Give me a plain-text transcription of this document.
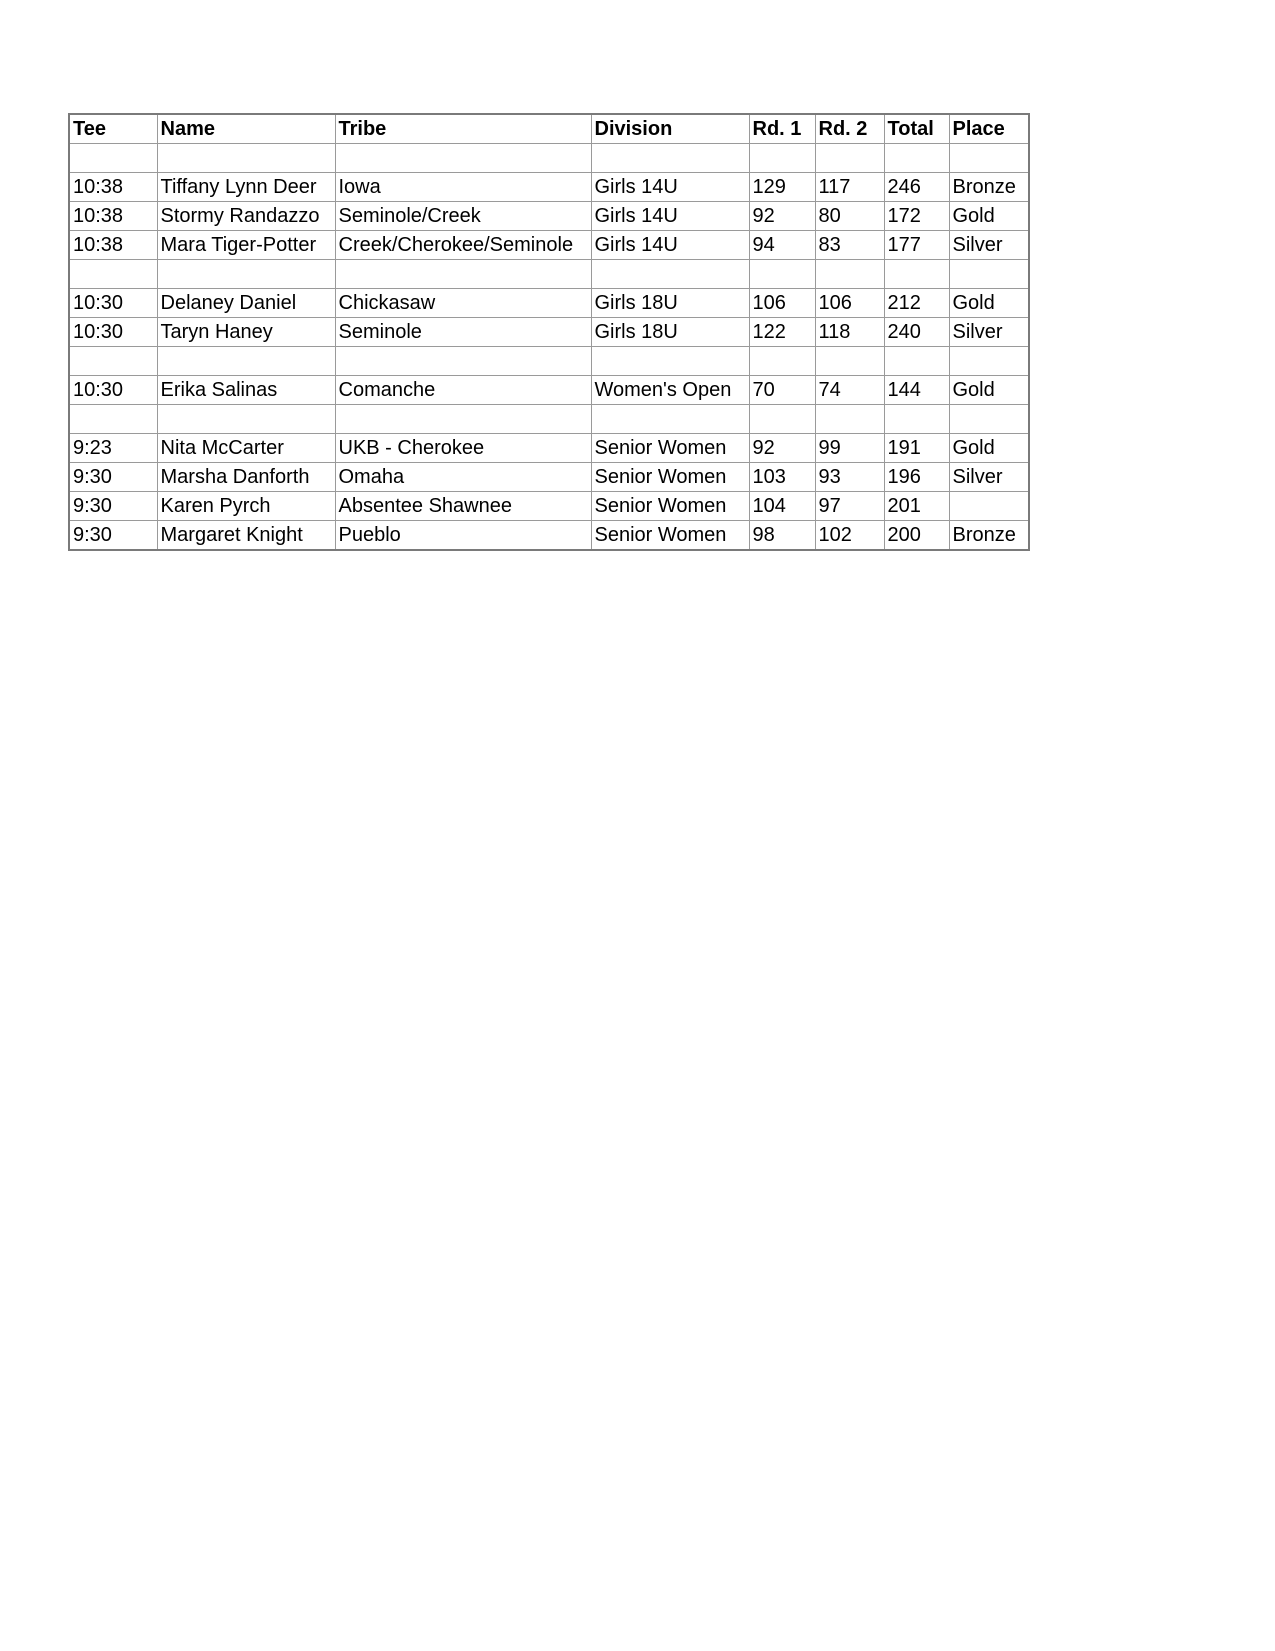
Tee	Name	Tribe	Division	Rd. 1	Rd. 2	Total	Place

10:38	Tiffany Lynn Deer	Iowa	Girls 14U	129	117	246	Bronze
10:38	Stormy Randazzo	Seminole/Creek	Girls 14U	92	80	172	Gold
10:38	Mara Tiger-Potter	Creek/Cherokee/Seminole	Girls 14U	94	83	177	Silver

10:30	Delaney Daniel	Chickasaw	Girls 18U	106	106	212	Gold
10:30	Taryn Haney	Seminole	Girls 18U	122	118	240	Silver

10:30	Erika Salinas	Comanche	Women's Open	70	74	144	Gold

9:23	Nita McCarter	UKB - Cherokee	Senior Women	92	99	191	Gold
9:30	Marsha Danforth	Omaha	Senior Women	103	93	196	Silver
9:30	Karen Pyrch	Absentee Shawnee	Senior Women	104	97	201	
9:30	Margaret Knight	Pueblo	Senior Women	98	102	200	Bronze
